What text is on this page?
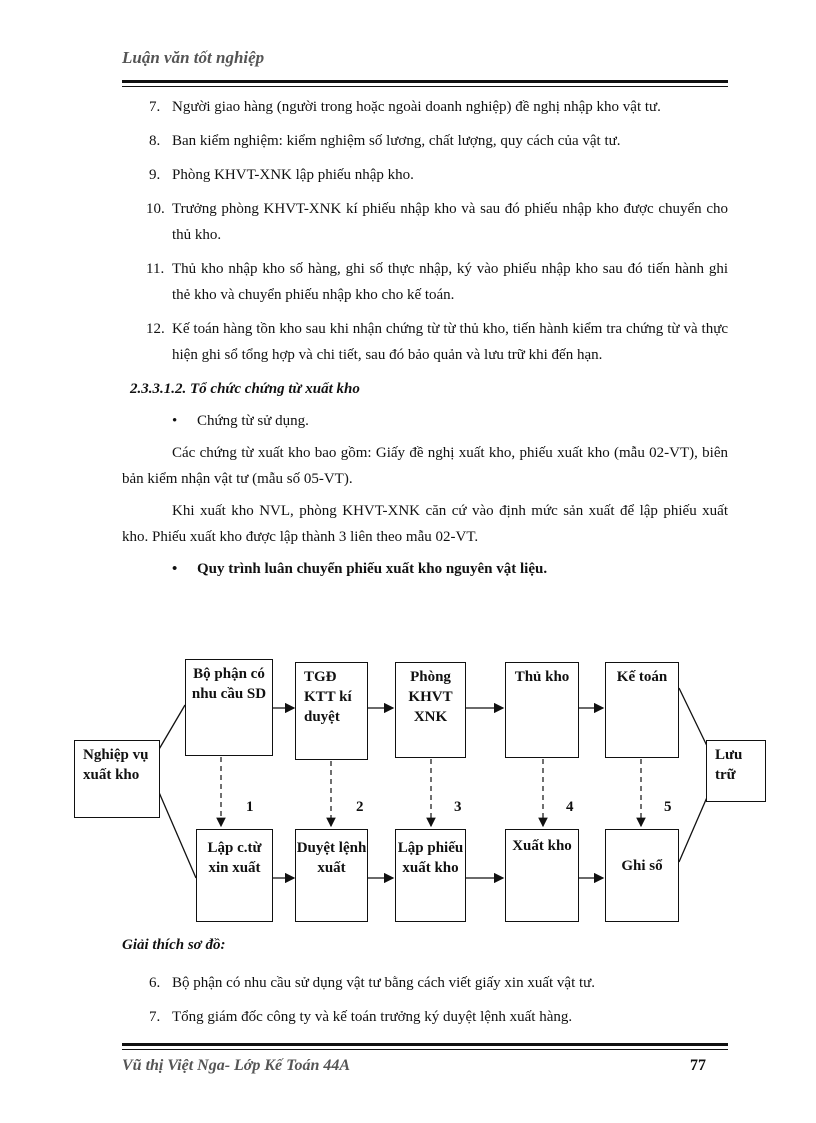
Luận văn tốt nghiệp
7. Người giao hàng (người trong hoặc ngoài doanh nghiệp) đề nghị nhập kho vật tư.
8. Ban kiểm nghiệm: kiểm nghiệm số lương, chất lượng, quy cách của vật tư.
9. Phòng KHVT-XNK lập phiếu nhập kho.
10. Trưởng phòng KHVT-XNK kí phiếu nhập kho và sau đó phiếu nhập kho được chuyển cho thủ kho.
11. Thủ kho nhập kho số hàng, ghi số thực nhập, ký vào phiếu nhập kho sau đó tiến hành ghi thẻ kho và chuyển phiếu nhập kho cho kế toán.
12. Kế toán hàng tồn kho sau khi nhận chứng từ từ thủ kho, tiến hành kiểm tra chứng từ và thực hiện ghi sổ tổng hợp và chi tiết, sau đó bảo quản và lưu trữ khi đến hạn.
2.3.3.1.2. Tổ chức chứng từ xuất kho
• Chứng từ sử dụng.
Các chứng từ xuất kho bao gồm: Giấy đề nghị xuất kho, phiếu xuất kho (mẫu 02-VT), biên bản kiểm nhận vật tư (mẫu số 05-VT).
Khi xuất kho NVL, phòng KHVT-XNK căn cứ vào định mức sản xuất để lập phiếu xuất kho. Phiếu xuất kho được lập thành 3 liên theo mẫu 02-VT.
• Quy trình luân chuyển phiếu xuất kho nguyên vật liệu.
Nghiệp vụ xuất kho
Lưu trữ
Bộ phận có nhu cầu SD
TGĐ KTT kí duyệt
Phòng KHVT XNK
Thủ kho	Kế toán
Lập c.từ xin xuất
Duyệt lệnh xuất
Lập phiếu xuất kho
Xuất kho
Ghi sổ
1	2	3	4	5
Giải thích sơ đồ:
6. Bộ phận có nhu cầu sử dụng vật tư bằng cách viết giấy xin xuất vật tư.
7. Tổng giám đốc công ty và kế toán trưởng ký duyệt lệnh xuất hàng.
Vũ thị Việt Nga- Lớp Kế Toán 44A	77
